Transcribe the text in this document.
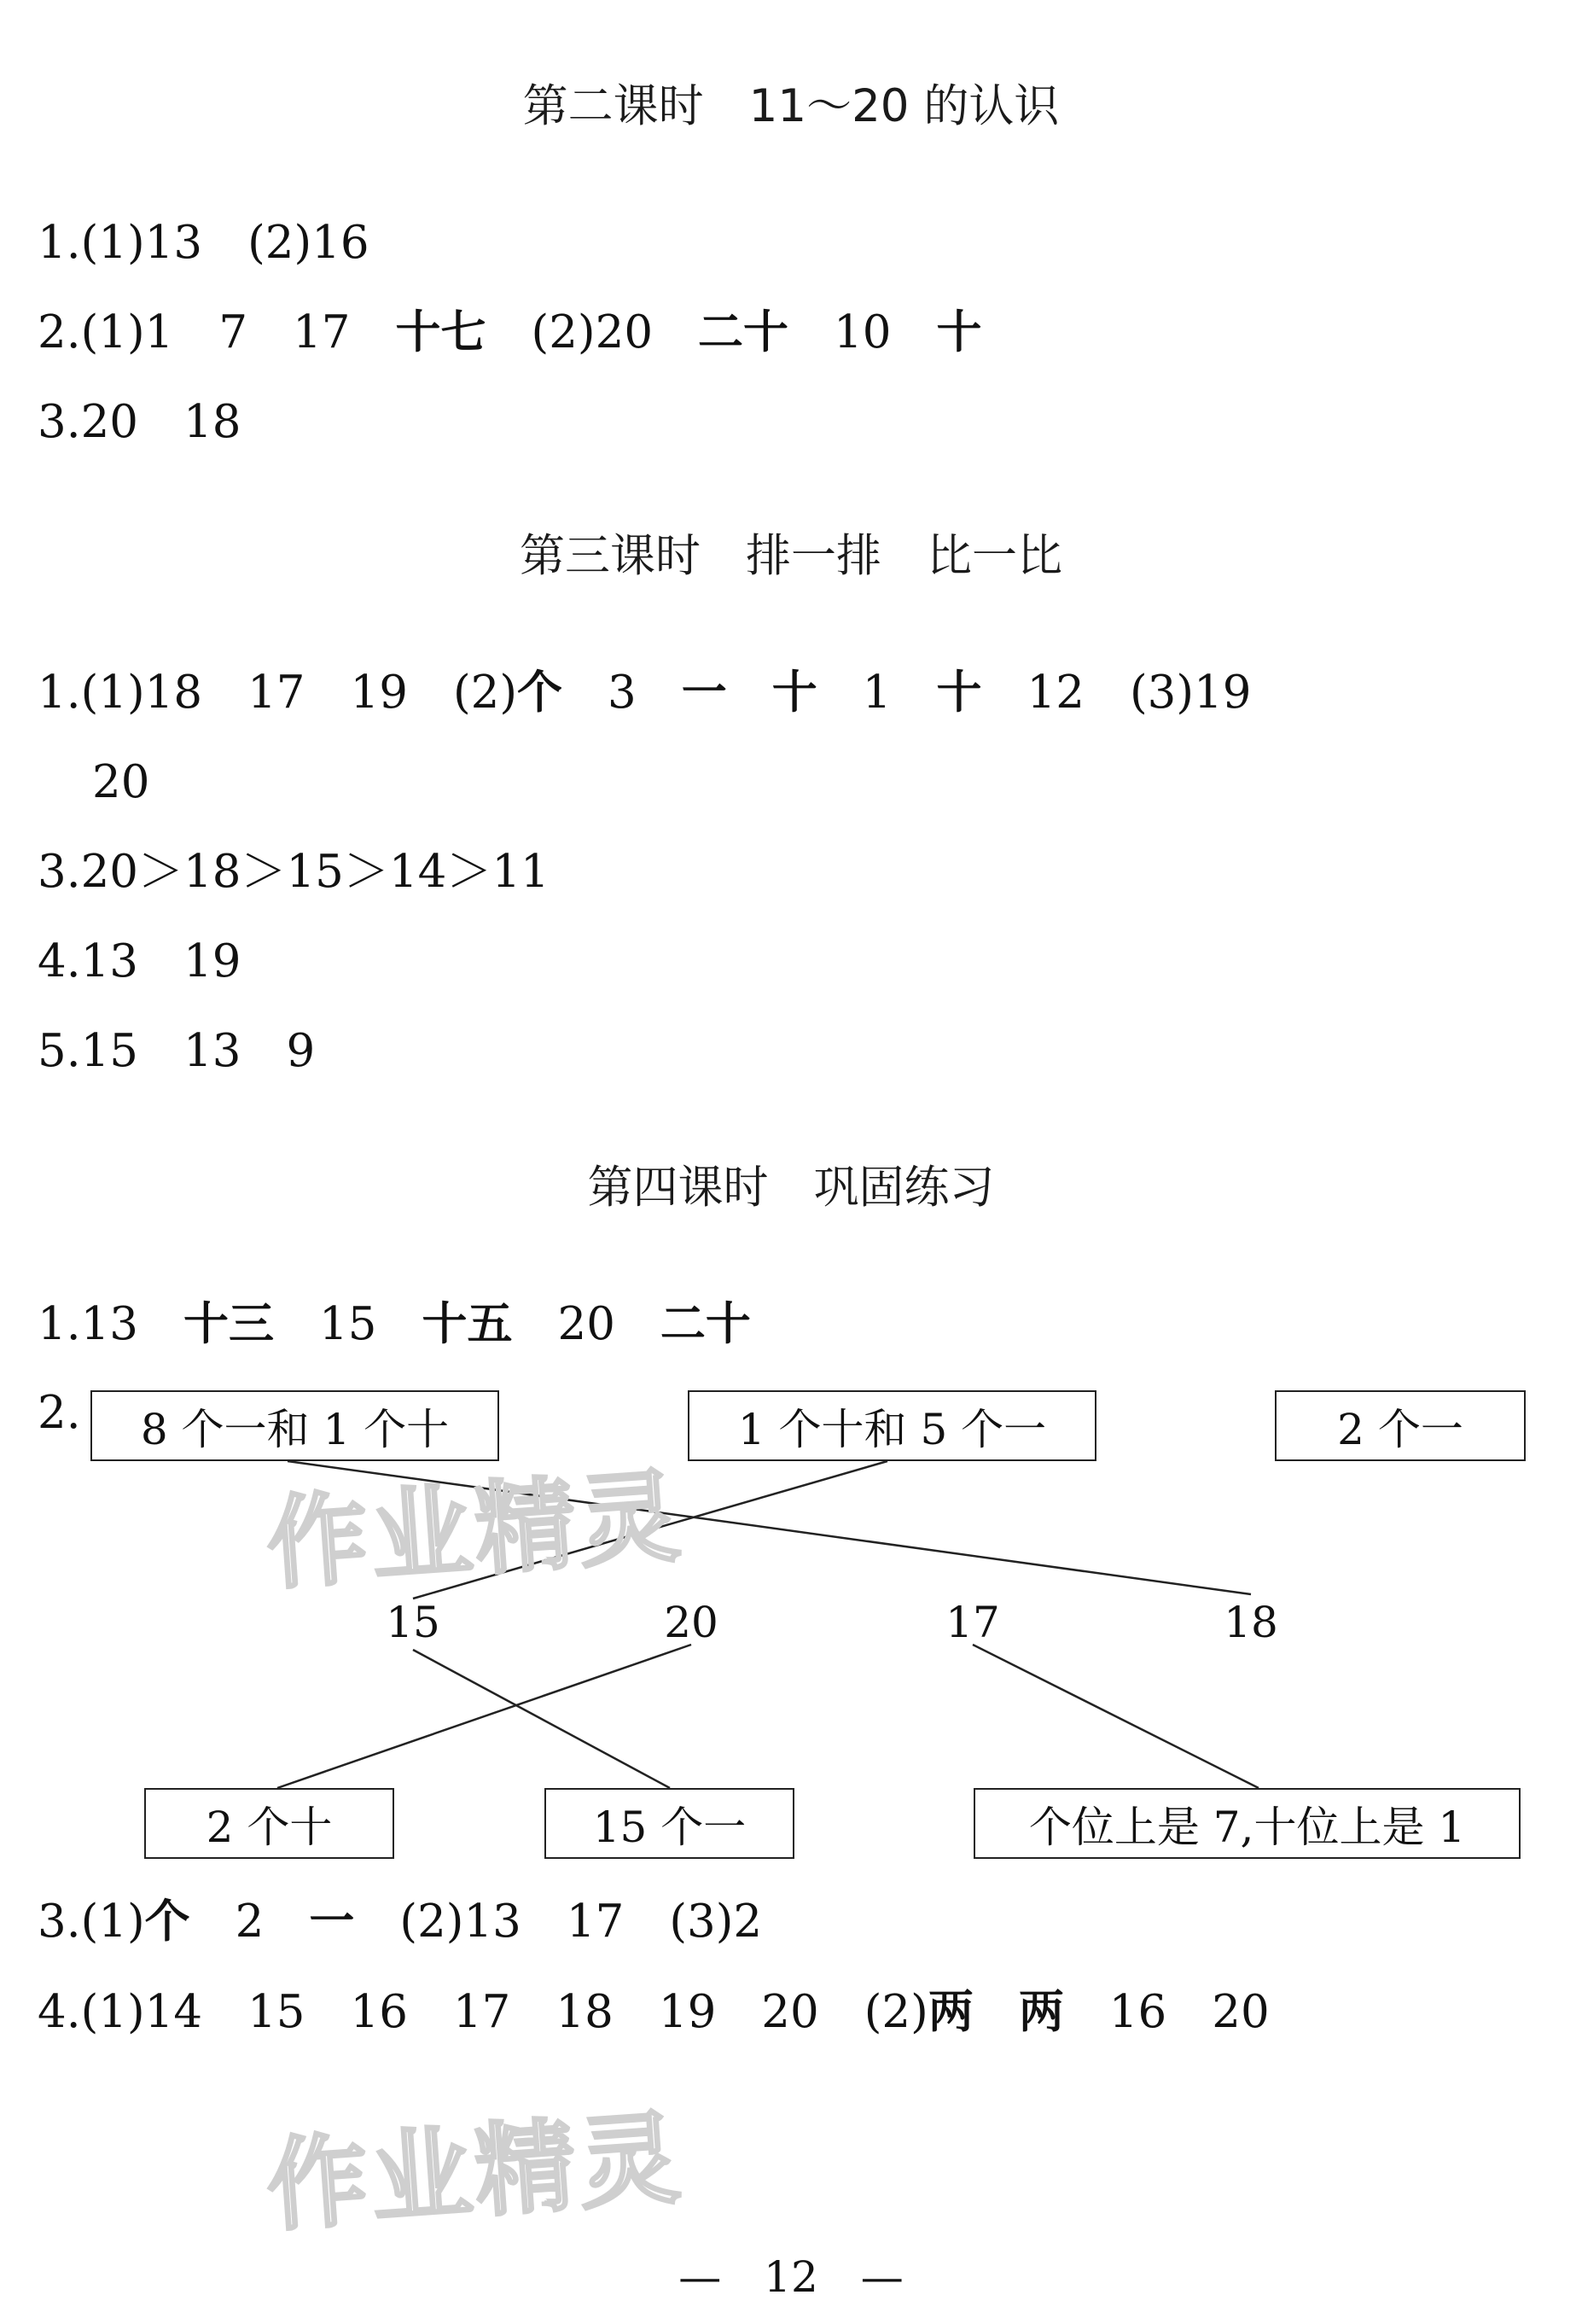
第二课时　11～20 的认识
1.(1)13　(2)16
2.(1)1　7　17　十七　(2)20　二十　10　十
3.20　18
第三课时　排一排　比一比
1.(1)18　17　19　(2)个　3　一　 十　1　十　12　(3)19
20
3.20＞18＞15＞14＞11
4.13　19
5.15　13　9
第四课时　巩固练习
1.13　十三　15　十五　20　二十
2.	8 个一和 1 个十	1 个十和 5 个一	2 个一
15	20	17	18
2 个十	15 个一	个位上是 7,十位上是 1
3.(1)个　2　一　(2)13　17　(3)2
4.(1)14　15　16　17　18　19　20　(2)两　 两　16　20
作业精灵
作业精灵
—　12　—
